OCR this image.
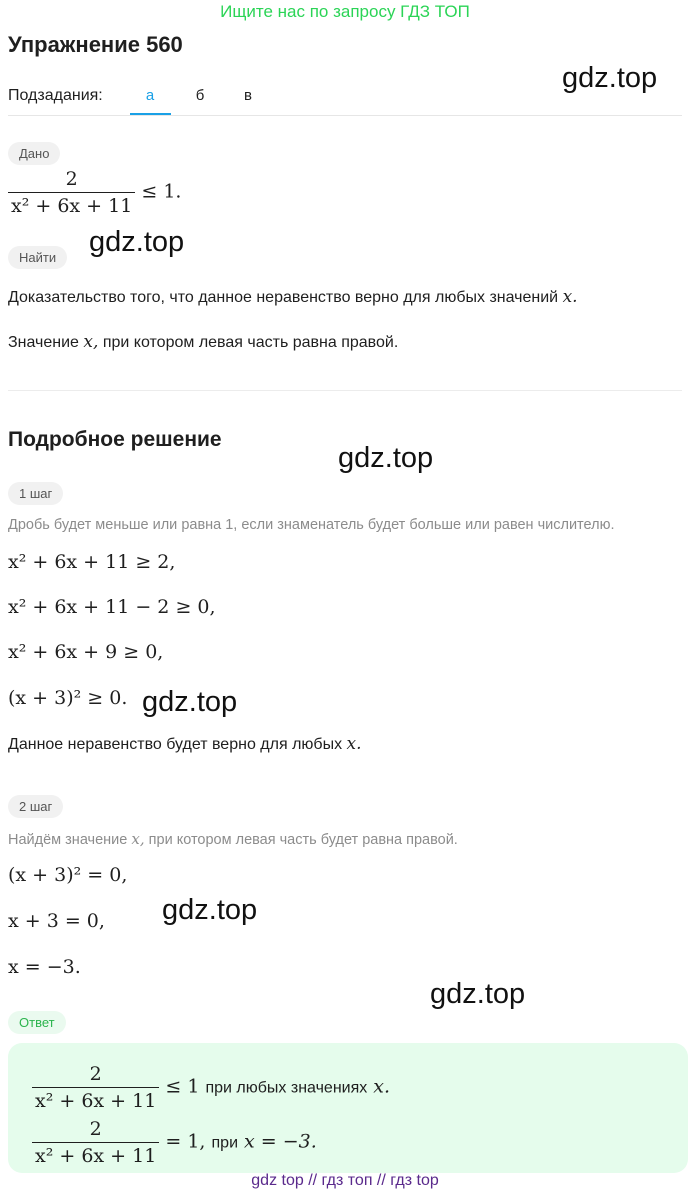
Ищите нас по запросу ГДЗ ТОП
Упражнение 560
gdz.top
Подзадания:	а	б	в
Дано
$\frac{2}{\text{x² + 6x + 11}} \le 1$.
Найти	gdz.top
Доказательство того, что данное неравенство верно для любых значений x.
Значение x, при котором левая часть равна правой.
Подробное решение
gdz.top
1 шаг
Дробь будет меньше или равна 1, если знаменатель будет больше или равен числителю.
x² + 6x + 11 ≥ 2,
x² + 6x + 11 − 2 ≥ 0,
x² + 6x + 9 ≥ 0,
(x + 3)² ≥ 0. gdz.top
Данное неравенство будет верно для любых x.
2 шаг
Найдём значение x, при котором левая часть будет равна правой.
(x + 3)² = 0,
x + 3 = 0, gdz.top
x = −3.
gdz.top
Ответ
$\frac{2}{\text{x² + 6x + 11}} \le 1$ при любых значениях x.
$\frac{2}{\text{x² + 6x + 11}} = 1$, при x = −3.
gdz top // гдз топ // гдз top
